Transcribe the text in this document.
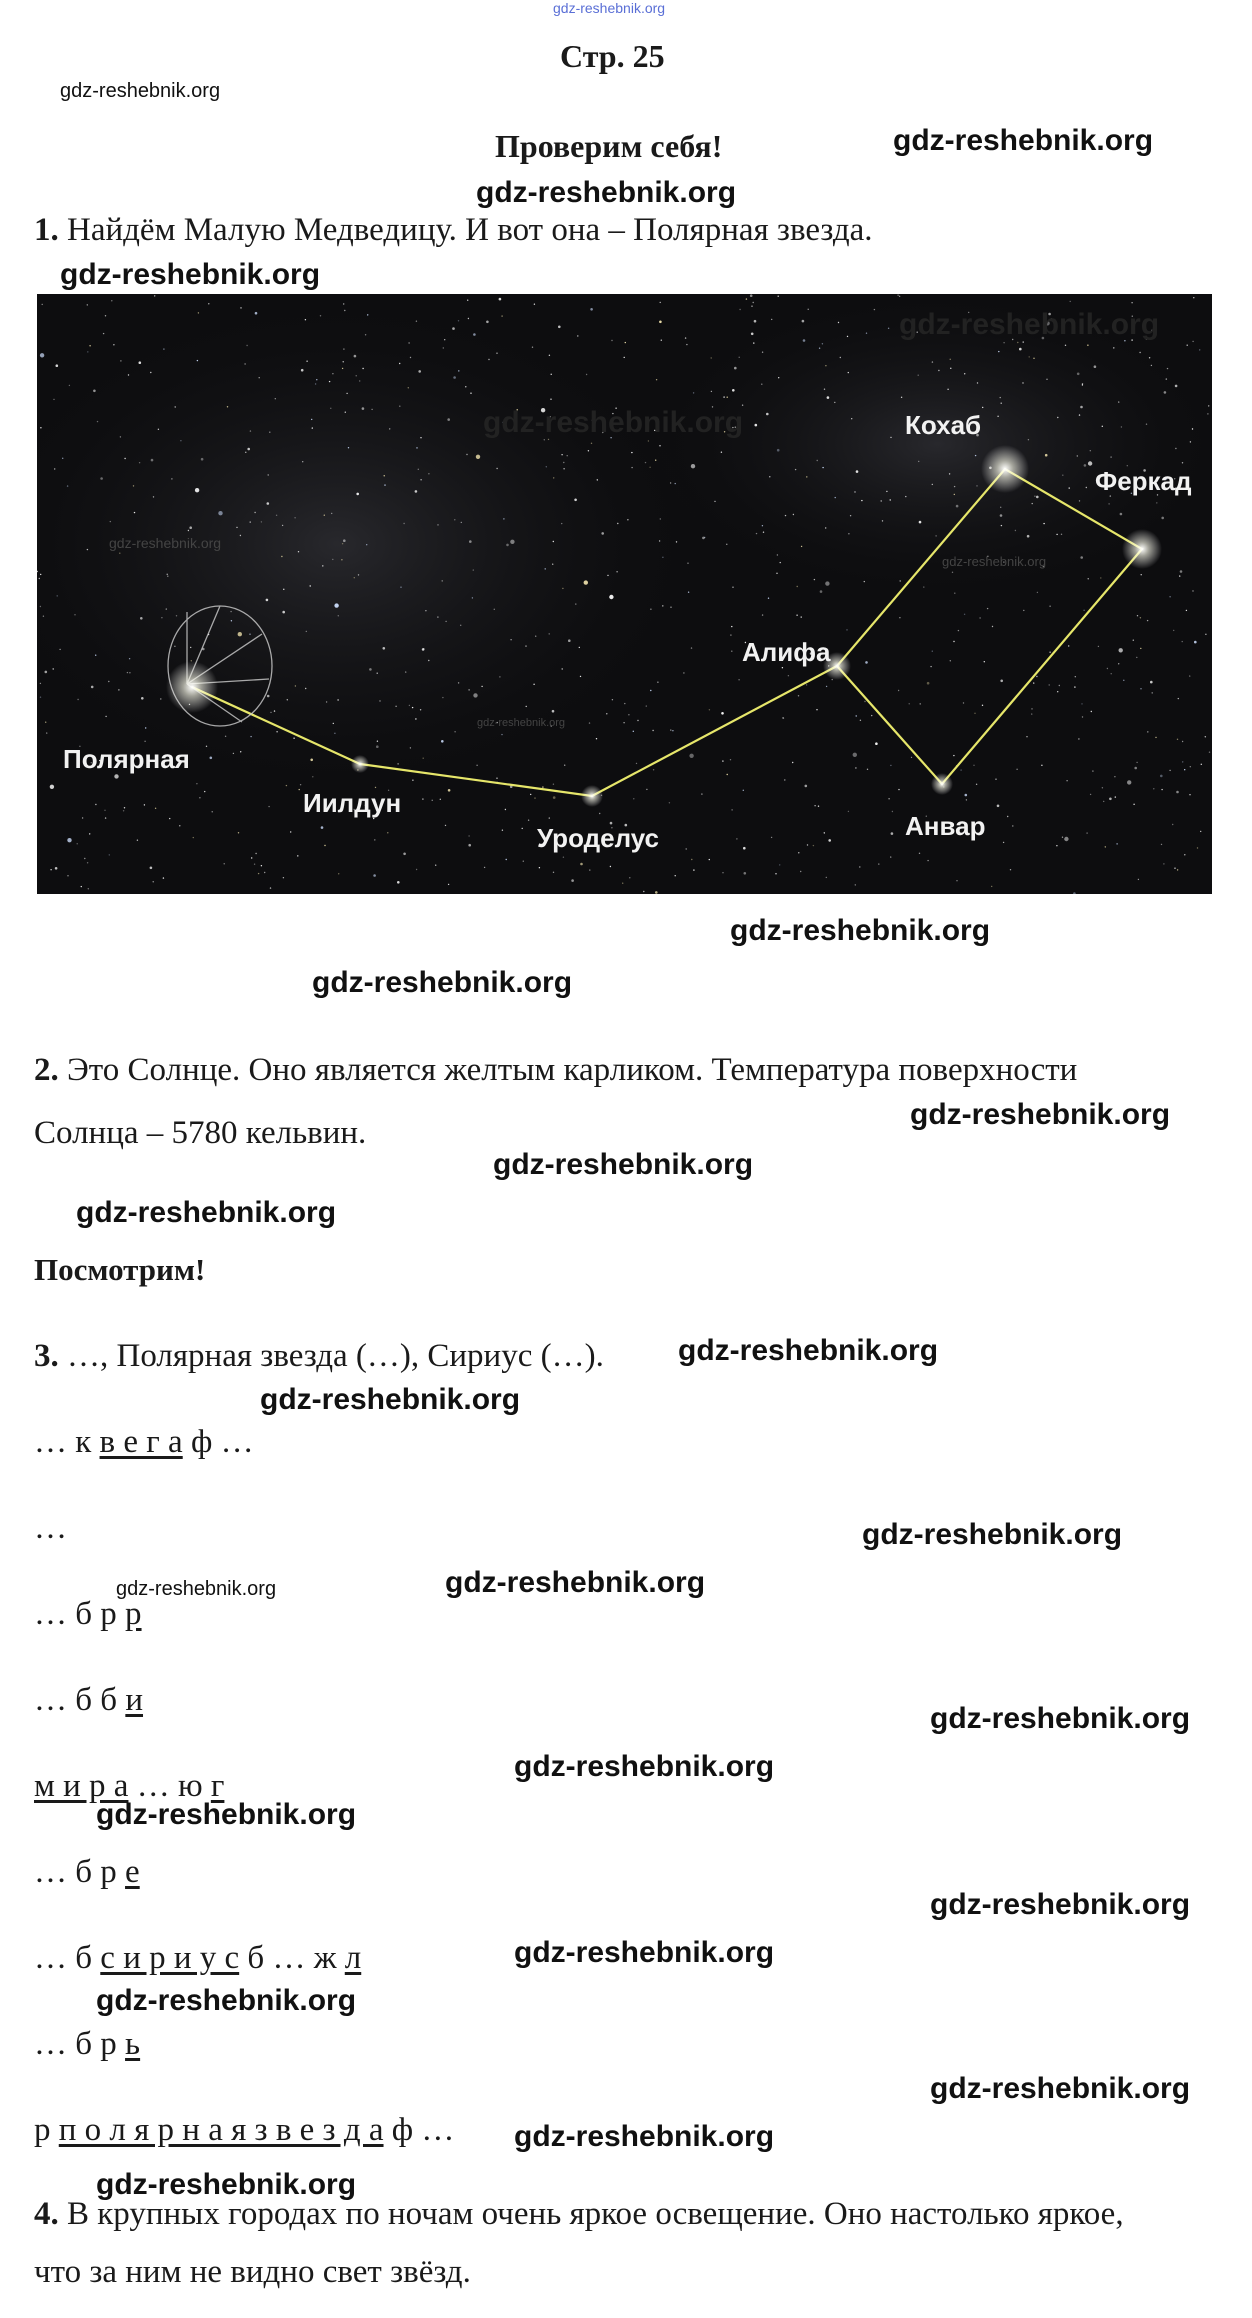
gdz-reshebnik.org
Стр. 25
gdz-reshebnik.org
Проверим себя!	gdz-reshebnik.org
gdz-reshebnik.org
1. Найдём Малую Медведицу. И вот она – Полярная звезда.
gdz-reshebnik.org
Полярная
Иилдун
Уроделус
Алифа
Анвар
Кохаб
Феркад
gdz-reshebnik.org
gdz-reshebnik.org
gdz-reshebnik.org
gdz-reshebnik.org
gdz-reshebnik.org
gdz-reshebnik.org
gdz-reshebnik.org
2. Это Солнце. Оно является желтым карликом. Температура поверхности
Солнца – 5780 кельвин.
gdz-reshebnik.org
gdz-reshebnik.org
gdz-reshebnik.org
Посмотрим!
3. …, Полярная звезда (…), Сириус (…). gdz-reshebnik.org
gdz-reshebnik.org
… к в е г а ф …
…	gdz-reshebnik.org
gdz-reshebnik.org	gdz-reshebnik.org
… б р р
… б б и
gdz-reshebnik.org
м и р а … ю г
gdz-reshebnik.org
gdz-reshebnik.org
… б р е
gdz-reshebnik.org
… б с и р и у с б … ж л	gdz-reshebnik.org
gdz-reshebnik.org
… б р ь
gdz-reshebnik.org
р п о л я р н а я з в е з д а ф … gdz-reshebnik.org
gdz-reshebnik.org
4. В крупных городах по ночам очень яркое освещение. Оно настолько яркое,
что за ним не видно свет звёзд.
